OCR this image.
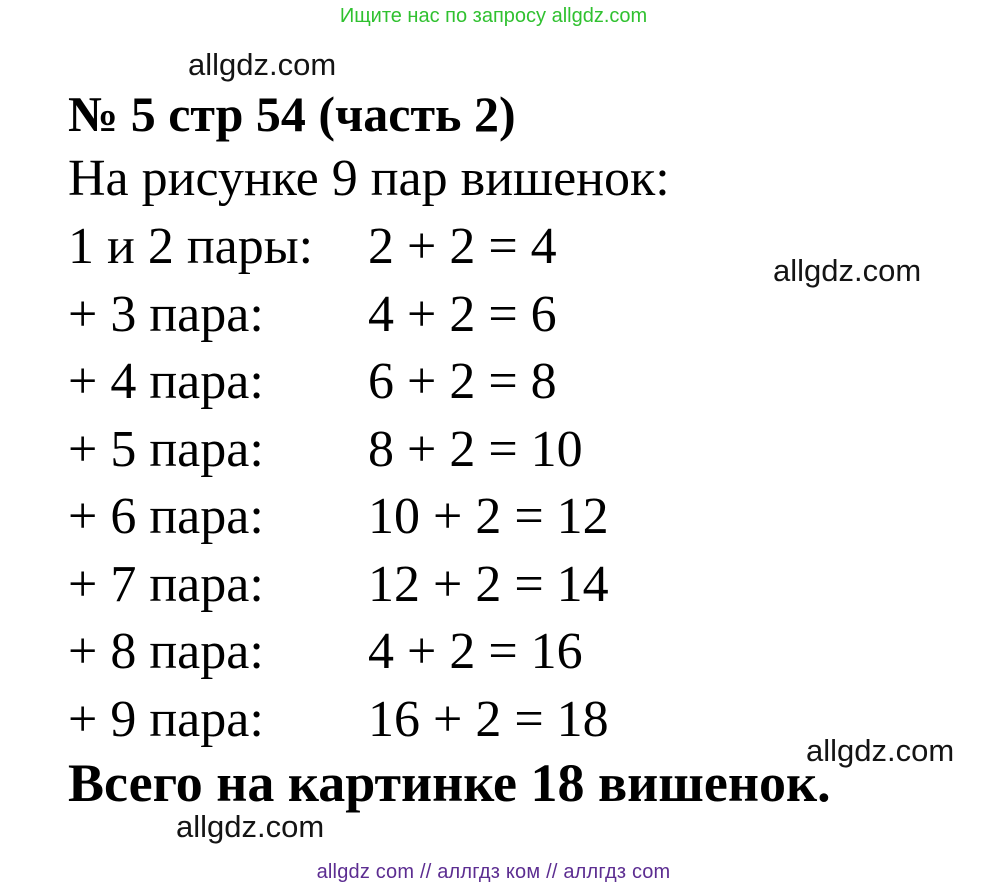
Ищите нас по запросу allgdz.com
allgdz.com
№ 5 стр 54 (часть 2)
На рисунке 9 пар вишенок:
1 и 2 пары: 2 + 2 = 4
+ 3 пара: 4 + 2 = 6
+ 4 пара: 6 + 2 = 8
+ 5 пара: 8 + 2 = 10
+ 6 пара: 10 + 2 = 12
+ 7 пара: 12 + 2 = 14
+ 8 пара: 4 + 2 = 16
+ 9 пара: 16 + 2 = 18
allgdz.com
allgdz.com
Всего на картинке 18 вишенок.
allgdz.com
allgdz com // аллгдз ком // аллгдз com
